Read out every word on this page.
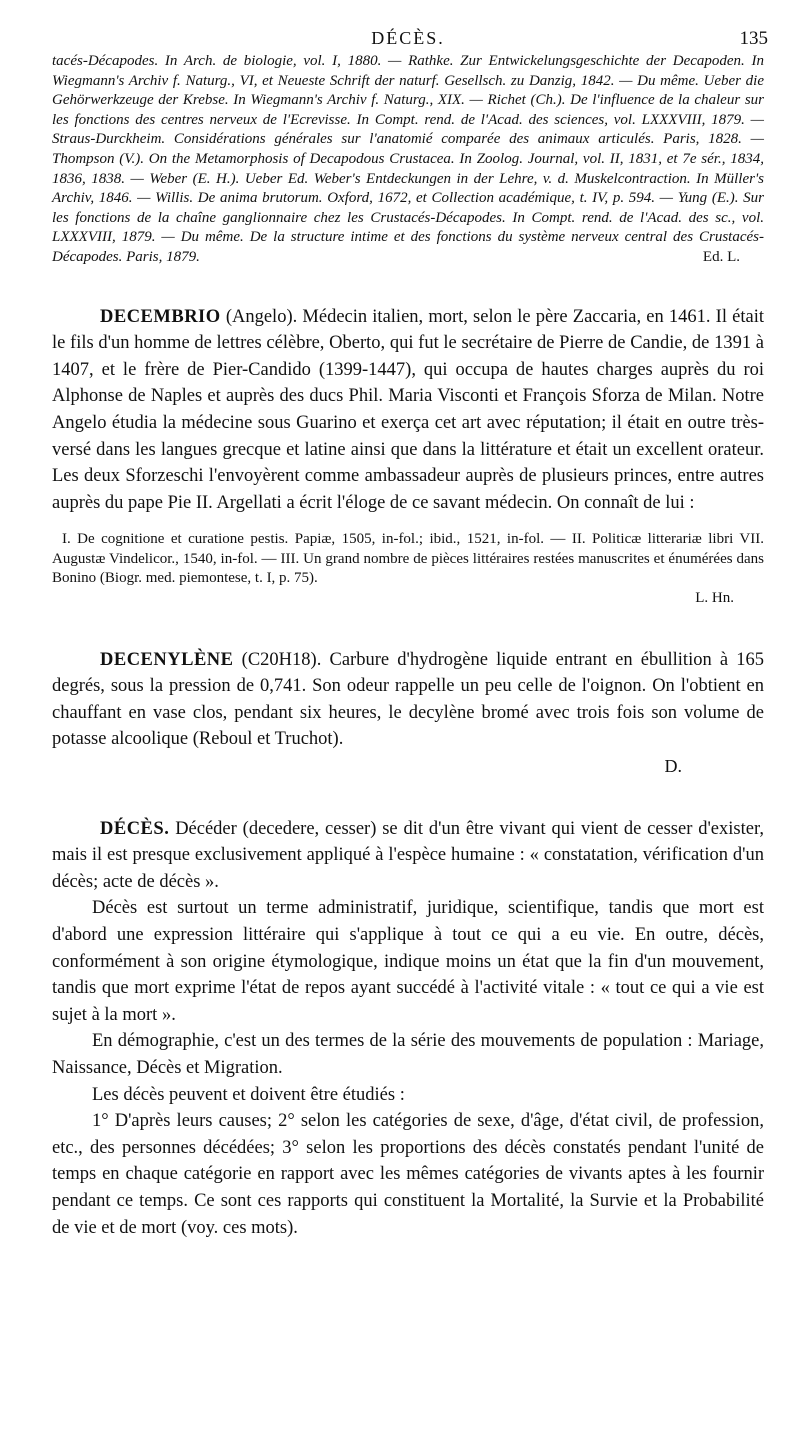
DÉCÈS.	135
tacés-Décapodes. In Arch. de biologie, vol. I, 1880. — Rathke. Zur Entwickelungsgeschichte der Decapoden. In Wiegmann's Archiv f. Naturg., VI, et Neueste Schrift der naturf. Gesellsch. zu Danzig, 1842. — Du même. Ueber die Gehörwerkzeuge der Krebse. In Wiegmann's Archiv f. Naturg., XIX. — Richet (Ch.). De l'influence de la chaleur sur les fonctions des centres nerveux de l'Ecrevisse. In Compt. rend. de l'Acad. des sciences, vol. LXXXVIII, 1879. — Straus-Durckheim. Considérations générales sur l'anatomié comparée des animaux articulés. Paris, 1828. — Thompson (V.). On the Metamorphosis of Decapodous Crustacea. In Zoolog. Journal, vol. II, 1831, et 7e sér., 1834, 1836, 1838. — Weber (E. H.). Ueber Ed. Weber's Entdeckungen in der Lehre, v. d. Muskelcontraction. In Müller's Archiv, 1846. — Willis. De anima brutorum. Oxford, 1672, et Collection académique, t. IV, p. 594. — Yung (E.). Sur les fonctions de la chaîne ganglionnaire chez les Crustacés-Décapodes. In Compt. rend. de l'Acad. des sc., vol. LXXXVIII, 1879. — Du même. De la structure intime et des fonctions du système nerveux central des Crustacés-Décapodes. Paris, 1879.	Ed. L.

DECEMBRIO (Angelo). Médecin italien, mort, selon le père Zaccaria, en 1461. Il était le fils d'un homme de lettres célèbre, Oberto, qui fut le secrétaire de Pierre de Candie, de 1391 à 1407, et le frère de Pier-Candido (1399-1447), qui occupa de hautes charges auprès du roi Alphonse de Naples et auprès des ducs Phil. Maria Visconti et François Sforza de Milan. Notre Angelo étudia la médecine sous Guarino et exerça cet art avec réputation; il était en outre très-versé dans les langues grecque et latine ainsi que dans la littérature et était un excellent orateur. Les deux Sforzeschi l'envoyèrent comme ambassadeur auprès de plusieurs princes, entre autres auprès du pape Pie II. Argellati a écrit l'éloge de ce savant médecin. On connaît de lui :

I. De cognitione et curatione pestis. Papiæ, 1505, in-fol.; ibid., 1521, in-fol. — II. Politicæ litterariæ libri VII. Augustæ Vindelicor., 1540, in-fol. — III. Un grand nombre de pièces littéraires restées manuscrites et énumérées dans Bonino (Biogr. med. piemontese, t. I, p. 75).
L. Hn.

DECENYLÈNE (C20H18). Carbure d'hydrogène liquide entrant en ébullition à 165 degrés, sous la pression de 0,741. Son odeur rappelle un peu celle de l'oignon. On l'obtient en chauffant en vase clos, pendant six heures, le decylène bromé avec trois fois son volume de potasse alcoolique (Reboul et Truchot).

D.

DÉCÈS. Décéder (decedere, cesser) se dit d'un être vivant qui vient de cesser d'exister, mais il est presque exclusivement appliqué à l'espèce humaine : « constatation, vérification d'un décès; acte de décès ».

Décès est surtout un terme administratif, juridique, scientifique, tandis que mort est d'abord une expression littéraire qui s'applique à tout ce qui a eu vie. En outre, décès, conformément à son origine étymologique, indique moins un état que la fin d'un mouvement, tandis que mort exprime l'état de repos ayant succédé à l'activité vitale : « tout ce qui a vie est sujet à la mort ».

En démographie, c'est un des termes de la série des mouvements de population : Mariage, Naissance, Décès et Migration.

Les décès peuvent et doivent être étudiés :

1° D'après leurs causes; 2° selon les catégories de sexe, d'âge, d'état civil, de profession, etc., des personnes décédées; 3° selon les proportions des décès constatés pendant l'unité de temps en chaque catégorie en rapport avec les mêmes catégories de vivants aptes à les fournir pendant ce temps. Ce sont ces rapports qui constituent la Mortalité, la Survie et la Probabilité de vie et de mort (voy. ces mots).
